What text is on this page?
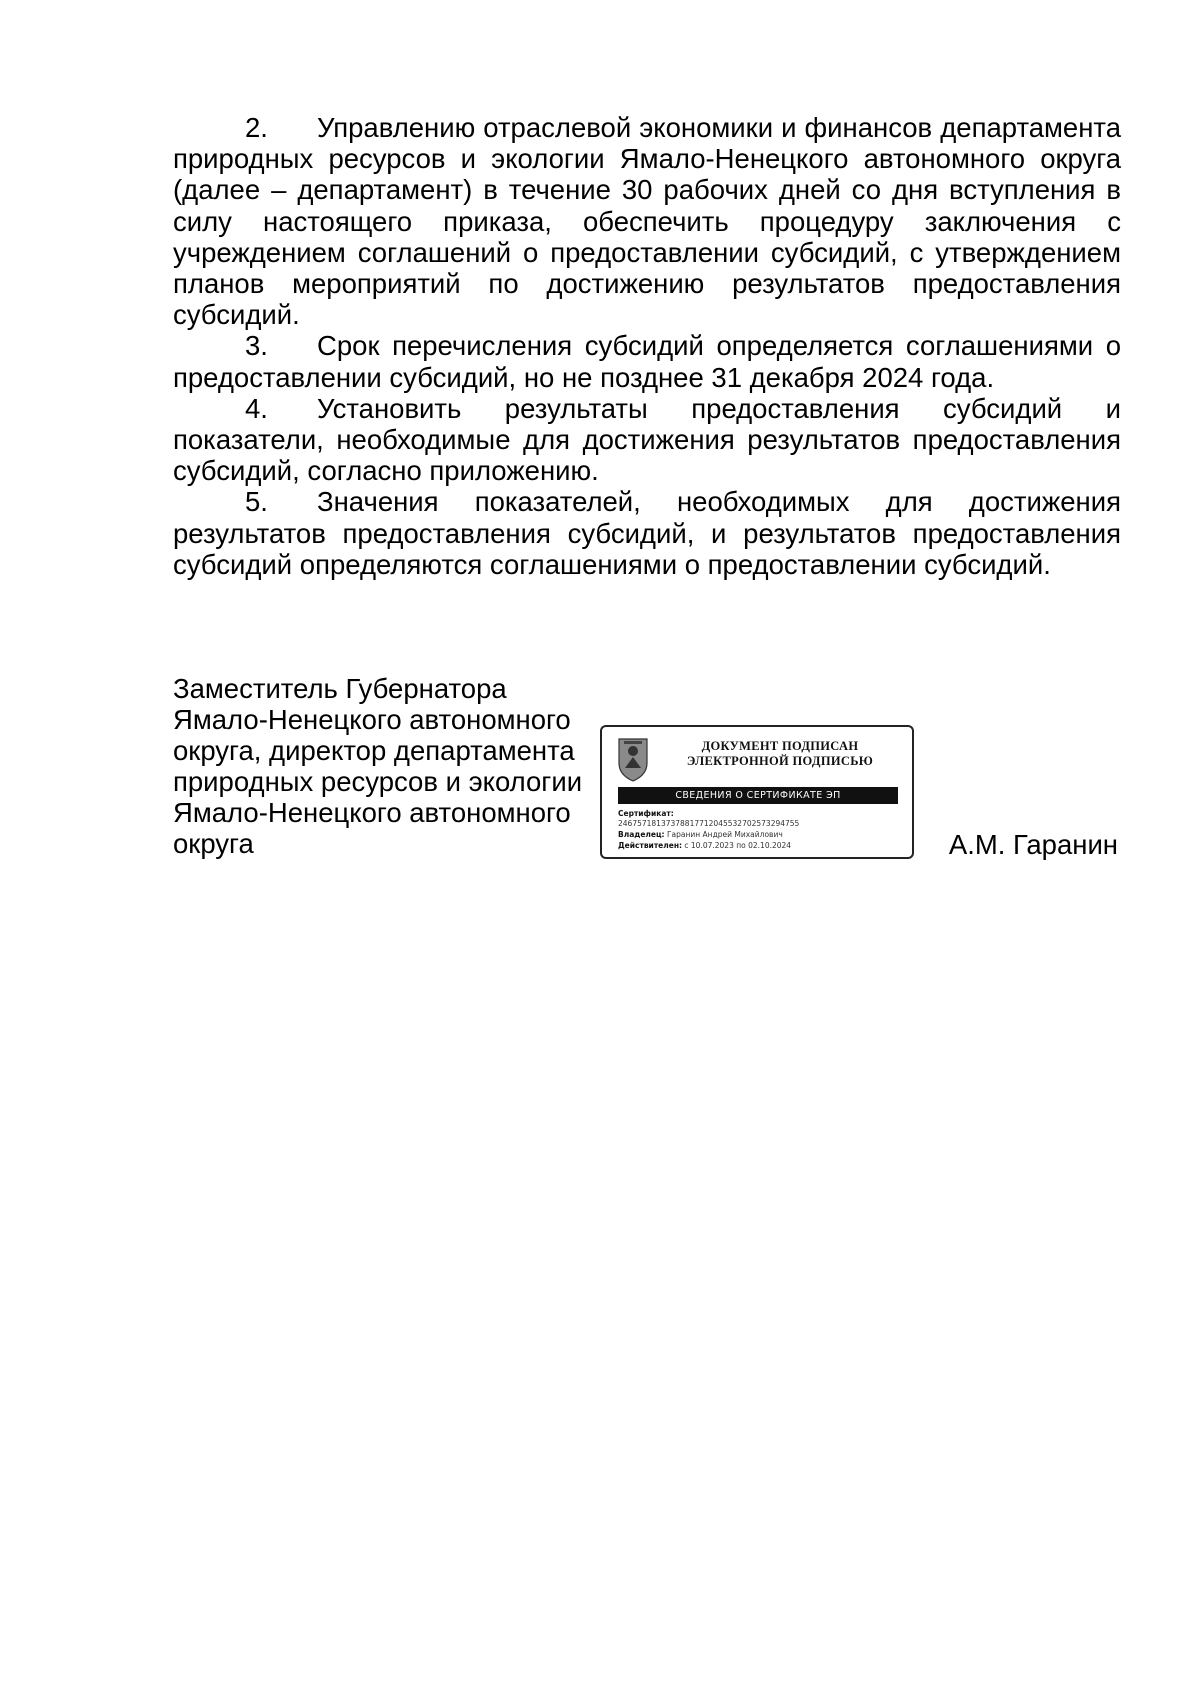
2. Управлению отраслевой экономики и финансов департамента природных ресурсов и экологии Ямало-Ненецкого автономного округа (далее – департамент) в течение 30 рабочих дней со дня вступления в силу настоящего приказа, обеспечить процедуру заключения с учреждением соглашений о предоставлении субсидий, с утверждением планов мероприятий по достижению результатов предоставления субсидий.

3. Срок перечисления субсидий определяется соглашениями о предоставлении субсидий, но не позднее 31 декабря 2024 года.

4. Установить результаты предоставления субсидий и показатели, необходимые для достижения результатов предоставления субсидий, согласно приложению.

5. Значения показателей, необходимых для достижения результатов предоставления субсидий, и результатов предоставления субсидий определяются соглашениями о предоставлении субсидий.

Заместитель Губернатора
Ямало-Ненецкого автономного
округа, директор департамента
природных ресурсов и экологии
Ямало-Ненецкого автономного
округа
ДОКУМЕНТ ПОДПИСАН
ЭЛЕКТРОННОЙ ПОДПИСЬЮ
СВЕДЕНИЯ О СЕРТИФИКАТЕ ЭП
Сертификат:
24675718137378817712045532702573294755
Владелец: Гаранин Андрей Михайлович
Действителен: с 10.07.2023 по 02.10.2024	А.М. Гаранин
